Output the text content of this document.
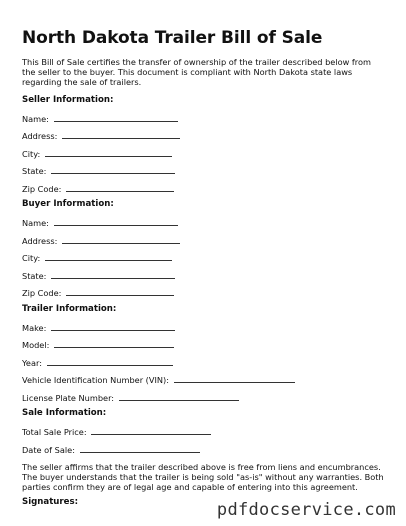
North Dakota Trailer Bill of Sale
This Bill of Sale certifies the transfer of ownership of the trailer described below from the seller to the buyer. This document is compliant with North Dakota state laws regarding the sale of trailers.
Seller Information:
Name:
Address:
City:
State:
Zip Code:
Buyer Information:
Name:
Address:
City:
State:
Zip Code:
Trailer Information:
Make:
Model:
Year:
Vehicle Identification Number (VIN):
License Plate Number:
Sale Information:
Total Sale Price:
Date of Sale:
The seller affirms that the trailer described above is free from liens and encumbrances. The buyer understands that the trailer is being sold "as-is" without any warranties. Both parties confirm they are of legal age and capable of entering into this agreement.
Signatures:	pdfdocservice.com
